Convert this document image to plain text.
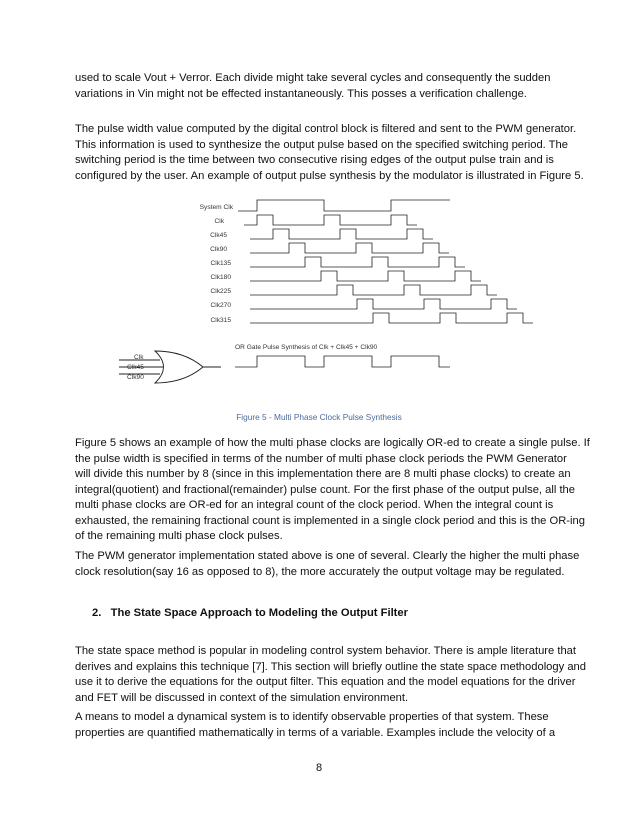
used to scale Vout + Verror. Each divide might take several cycles and consequently the sudden
variations in Vin might not be effected instantaneously. This posses a verification challenge.
The pulse width value computed by the digital control block is filtered and sent to the PWM generator.
This information is used to synthesize the output pulse based on the specified switching period. The
switching period is the time between two consecutive rising edges of the output pulse train and is
configured by the user. An example of output pulse synthesis by the modulator is illustrated in Figure 5.
System Clk
Clk
Clk45
Clk90
Clk135
Clk180
Clk225
Clk270
Clk315
OR Gate Pulse Synthesis of Clk + Clk45 + Clk90
Clk
Clk45
Clk90
Figure 5 - Multi Phase Clock Pulse Synthesis
Figure 5 shows an example of how the multi phase clocks are logically OR-ed to create a single pulse. If
the pulse width is specified in terms of the number of multi phase clock periods the PWM Generator
will divide this number by 8 (since in this implementation there are 8 multi phase clocks) to create an
integral(quotient) and fractional(remainder) pulse count. For the first phase of the output pulse, all the
multi phase clocks are OR-ed for an integral count of the clock period. When the integral count is
exhausted, the remaining fractional count is implemented in a single clock period and this is the OR-ing
of the remaining multi phase clock pulses.
The PWM generator implementation stated above is one of several. Clearly the higher the multi phase
clock resolution(say 16 as opposed to 8), the more accurately the output voltage may be regulated.
2. The State Space Approach to Modeling the Output Filter
The state space method is popular in modeling control system behavior. There is ample literature that
derives and explains this technique [7]. This section will briefly outline the state space methodology and
use it to derive the equations for the output filter. This equation and the model equations for the driver
and FET will be discussed in context of the simulation environment.
A means to model a dynamical system is to identify observable properties of that system. These
properties are quantified mathematically in terms of a variable. Examples include the velocity of a
8
